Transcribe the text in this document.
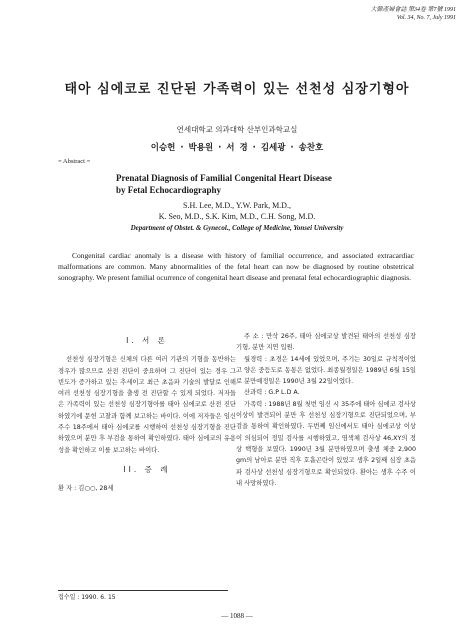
大韓產婦會誌 第34卷 第7號 1991
Vol. 34, No. 7, July 1991
태아 심에코로 진단된 가족력이 있는 선천성 심장기형아
연세대학교 의과대학 산부인과학교실
이승헌 · 박용원 · 서 경 · 김세광 · 송찬호
= Abstract =
Prenatal Diagnosis of Familial Congenital Heart Disease
by Fetal Echocardiography
S.H. Lee, M.D., Y.W. Park, M.D.,
K. Seo, M.D., S.K. Kim, M.D., C.H. Song, M.D.
Department of Obstet. & Gynecol., College of Medicine, Yonsei University

Congenital cardiac anomaly is a disease with history of familial occurrence, and associated extracardiac malformations are common. Many abnormalities of the fetal heart can now be diagnosed by routine obstetrical sonography. We present familial ocurrence of congenital heart disease and prenatal fetal echocardiographic diagnosis.

I. 서 론

선천성 심장기형은 신체의 다른 여러 기관의 기형을 동반하는 경우가 많으므로 산전 진단이 중요하며 그 진단이 있는 경우 그 빈도가 증가하고 있는 추세이고 최근 초음파 기술의 발달로 인해 여러 선천성 심장기형을 출생 전 진단할 수 있게 되었다. 저자들은 가족력이 있는 선천성 심장기형아를 태아 심에코로 산전 진단하였기에 문헌 고찰과 함께 보고하는 바이다. 이에 저자들은 임신 주수 18주에서 태아 심에코를 시행하여 선천성 심장기형을 진단하였으며 분만 후 부검을 통하여 확인하였다. 태아 심에코의 유용성을 확인하고 이를 보고하는 바이다.

II. 증 례
환 자 : 김○○, 28세
접수일 : 1990. 6. 15

주 소 : 만삭 26주, 태아 심에코상 발견된 태아의 선천성 심장기형, 분만 지연 입원.

월경력 : 초경은 14세에 있었으며, 주기는 30일로 규칙적이었고 양은 중등도로 동통은 없었다. 최종월경일은 1989년 6월 15일로 분만예정일은 1990년 3월 22일이었다.

산과력 : G.P L.D A.

가족력 : 1988년 8월 첫번 임신 시 35주에 태아 심에코 검사상 이상이 발견되어 분만 후 선천성 심장기형으로 진단되었으며, 부검을 통하여 확인하였다. 두번째 임신에서도 태아 심에코상 이상이 의심되어 정밀 검사를 시행하였고, 염색체 검사상 46,XY의 정상 핵형을 보였다. 1990년 3월 분만하였으며 출생 체중 2,900 gm의 남아로 분만 직후 호흡곤란이 있었고 생후 2일째 심장 초음파 검사상 선천성 심장기형으로 확인되었다. 환아는 생후 수주 이내 사망하였다.

— 1088 —
